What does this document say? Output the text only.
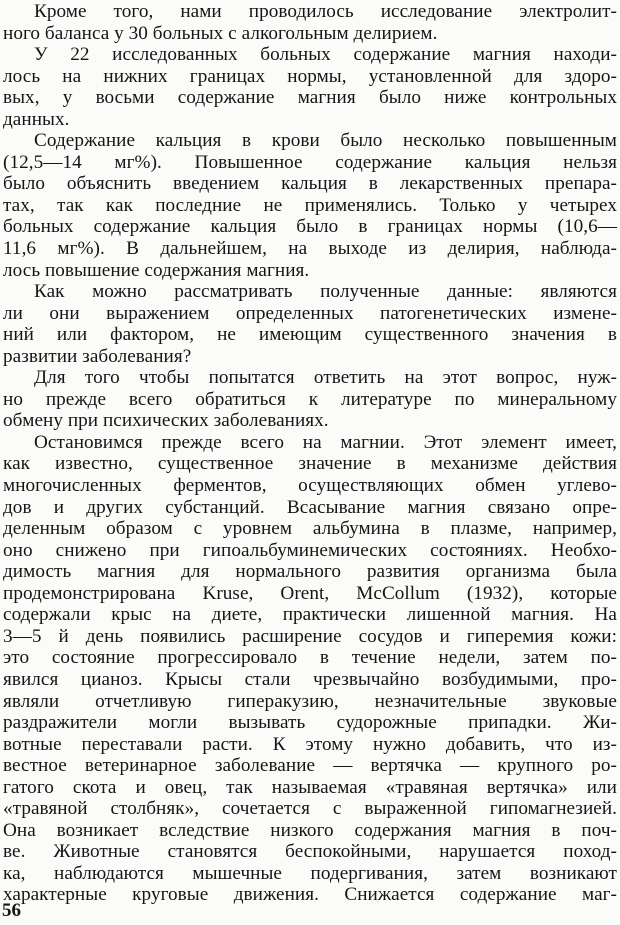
Кроме того, нами проводилось исследование электролит-
ного баланса у 30 больных с алкогольным делирием.
У 22 исследованных больных содержание магния находи-
лось на нижних границах нормы, установленной для здоро-
вых, у восьми содержание магния было ниже контрольных
данных.
Содержание кальция в крови было несколько повышенным
(12,5—14 мг%). Повышенное содержание кальция нельзя
было объяснить введением кальция в лекарственных препара-
тах, так как последние не применялись. Только у четырех
больных содержание кальция было в границах нормы (10,6—
11,6 мг%). В дальнейшем, на выходе из делирия, наблюда-
лось повышение содержания магния.
Как можно рассматривать полученные данные: являются
ли они выражением определенных патогенетических измене-
ний или фактором, не имеющим существенного значения в
развитии заболевания?
Для того чтобы попытатся ответить на этот вопрос, нуж-
но прежде всего обратиться к литературе по минеральному
обмену при психических заболеваниях.
Остановимся прежде всего на магнии. Этот элемент имеет,
как известно, существенное значение в механизме действия
многочисленных ферментов, осуществляющих обмен углево-
дов и других субстанций. Всасывание магния связано опре-
деленным образом с уровнем альбумина в плазме, например,
оно снижено при гипоальбуминемических состояниях. Необхо-
димость магния для нормального развития организма была
продемонстрирована Kruse, Orent, McCollum (1932), которые
содержали крыс на диете, практически лишенной магния. На
3—5 й день появились расширение сосудов и гиперемия кожи:
это состояние прогрессировало в течение недели, затем по-
явился цианоз. Крысы стали чрезвычайно возбудимыми, про-
являли отчетливую гиперакузию, незначительные звуковые
раздражители могли вызывать судорожные припадки. Жи-
вотные переставали расти. К этому нужно добавить, что из-
вестное ветеринарное заболевание — вертячка — крупного ро-
гатого скота и овец, так называемая «травяная вертячка» или
«травяной столбняк», сочетается с выраженной гипомагнезией.
Она возникает вследствие низкого содержания магния в поч-
ве. Животные становятся беспокойными, нарушается поход-
ка, наблюдаются мышечные подергивания, затем возникают
характерные круговые движения. Снижается содержание маг-
56
